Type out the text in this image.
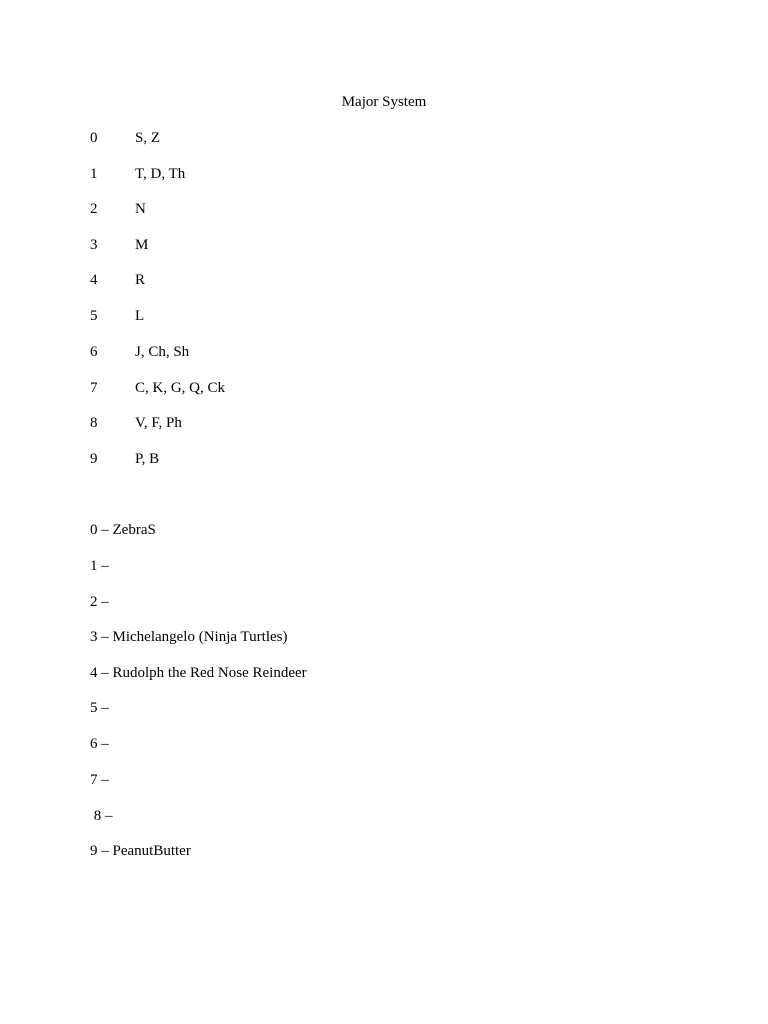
Major System
0	S, Z
1	T, D, Th
2	N
3	M
4	R
5	L
6	J, Ch, Sh
7	C, K, G, Q, Ck
8	V, F, Ph
9	P, B
0 – ZebraS
1 –
2 –
3 – Michelangelo (Ninja Turtles)
4 – Rudolph the Red Nose Reindeer
5 –
6 –
7 –
8 –
9 – PeanutButter
